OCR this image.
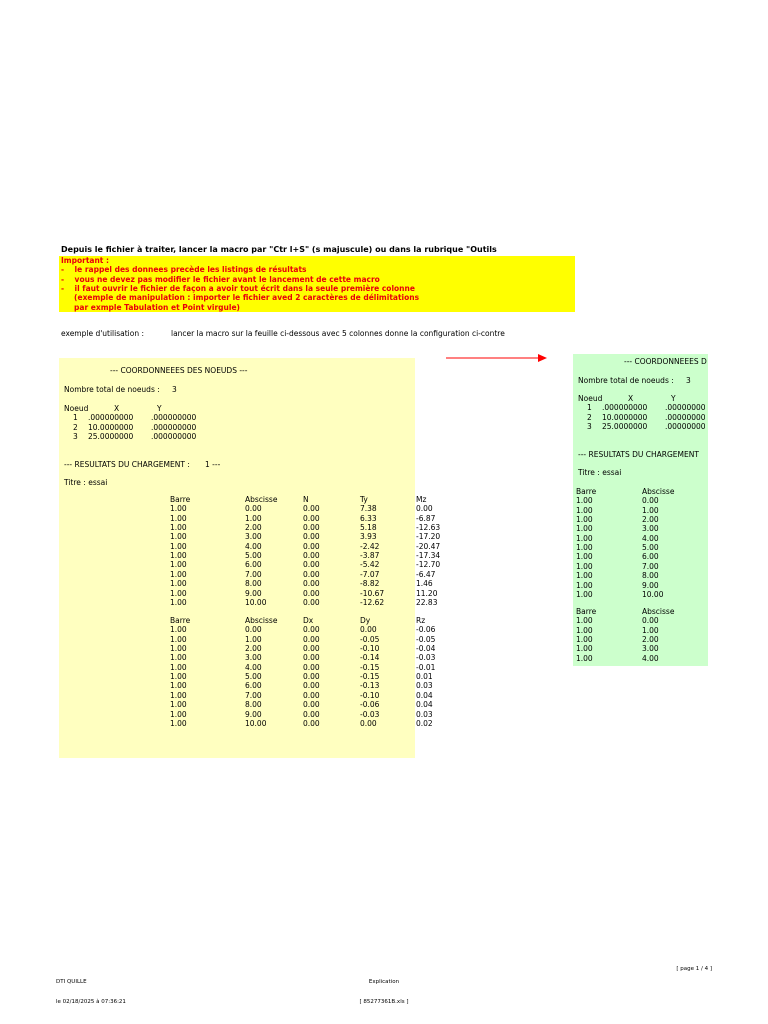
Depuis le fichier à traiter, lancer la macro par "Ctr l+S" (s majuscule) ou dans la rubrique "Outils
Important :
-    le rappel des donnees precède les listings de résultats
-    vous ne devez pas modifier le fichier avant le lancement de cette macro
-    il faut ouvrir le fichier de façon a avoir tout écrit dans la seule première colonne
(exemple de manipulation : importer le fichier aved 2 caractères de délimitations
par exmple Tabulation et Point virgule)
exemple d'utilisation :	lancer la macro sur la feuille ci-dessous avec 5 colonnes donne la configuration ci-contre
--- COORDONNEEES DES NOEUDS ---
Nombre total de noeuds : 3
Noeud	X	Y
1 .000000000 .000000000
2 10.0000000 .000000000
3 25.0000000 .000000000
--- RESULTATS DU CHARGEMENT : 1 ---
Titre : essai
Barre	Abscisse	N	Ty	Mz
1.00	0.00	0.00	7.38	0.00
1.00	1.00	0.00	6.33	-6.87
1.00	2.00	0.00	5.18	-12.63
1.00	3.00	0.00	3.93	-17.20
1.00	4.00	0.00	-2.42	-20.47
1.00	5.00	0.00	-3.87	-17.34
1.00	6.00	0.00	-5.42	-12.70
1.00	7.00	0.00	-7.07	-6.47
1.00	8.00	0.00	-8.82	1.46
1.00	9.00	0.00	-10.67	11.20
1.00	10.00	0.00	-12.62	22.83
Barre	Abscisse	Dx	Dy	Rz
1.00	0.00	0.00	0.00	-0.06
1.00	1.00	0.00	-0.05	-0.05
1.00	2.00	0.00	-0.10	-0.04
1.00	3.00	0.00	-0.14	-0.03
1.00	4.00	0.00	-0.15	-0.01
1.00	5.00	0.00	-0.15	0.01
1.00	6.00	0.00	-0.13	0.03
1.00	7.00	0.00	-0.10	0.04
1.00	8.00	0.00	-0.06	0.04
1.00	9.00	0.00	-0.03	0.03
1.00	10.00	0.00	0.00	0.02
--- COORDONNEEES D
Nombre total de noeuds : 3
Noeud	X	Y
1 .000000000 .00000000
2 10.0000000 .00000000
3 25.0000000 .00000000
--- RESULTATS DU CHARGEMENT
Titre : essai
Barre	Abscisse
1.00	0.00
1.00	1.00
1.00	2.00
1.00	3.00
1.00	4.00
1.00	5.00
1.00	6.00
1.00	7.00
1.00	8.00
1.00	9.00
1.00	10.00
Barre	Abscisse
1.00	0.00
1.00	1.00
1.00	2.00
1.00	3.00
1.00	4.00

DTI QUILLE

le 02/18/2025 à 07:36:21

Explication

[ 85277361B.xls ]

[ page 1 / 4 ]
